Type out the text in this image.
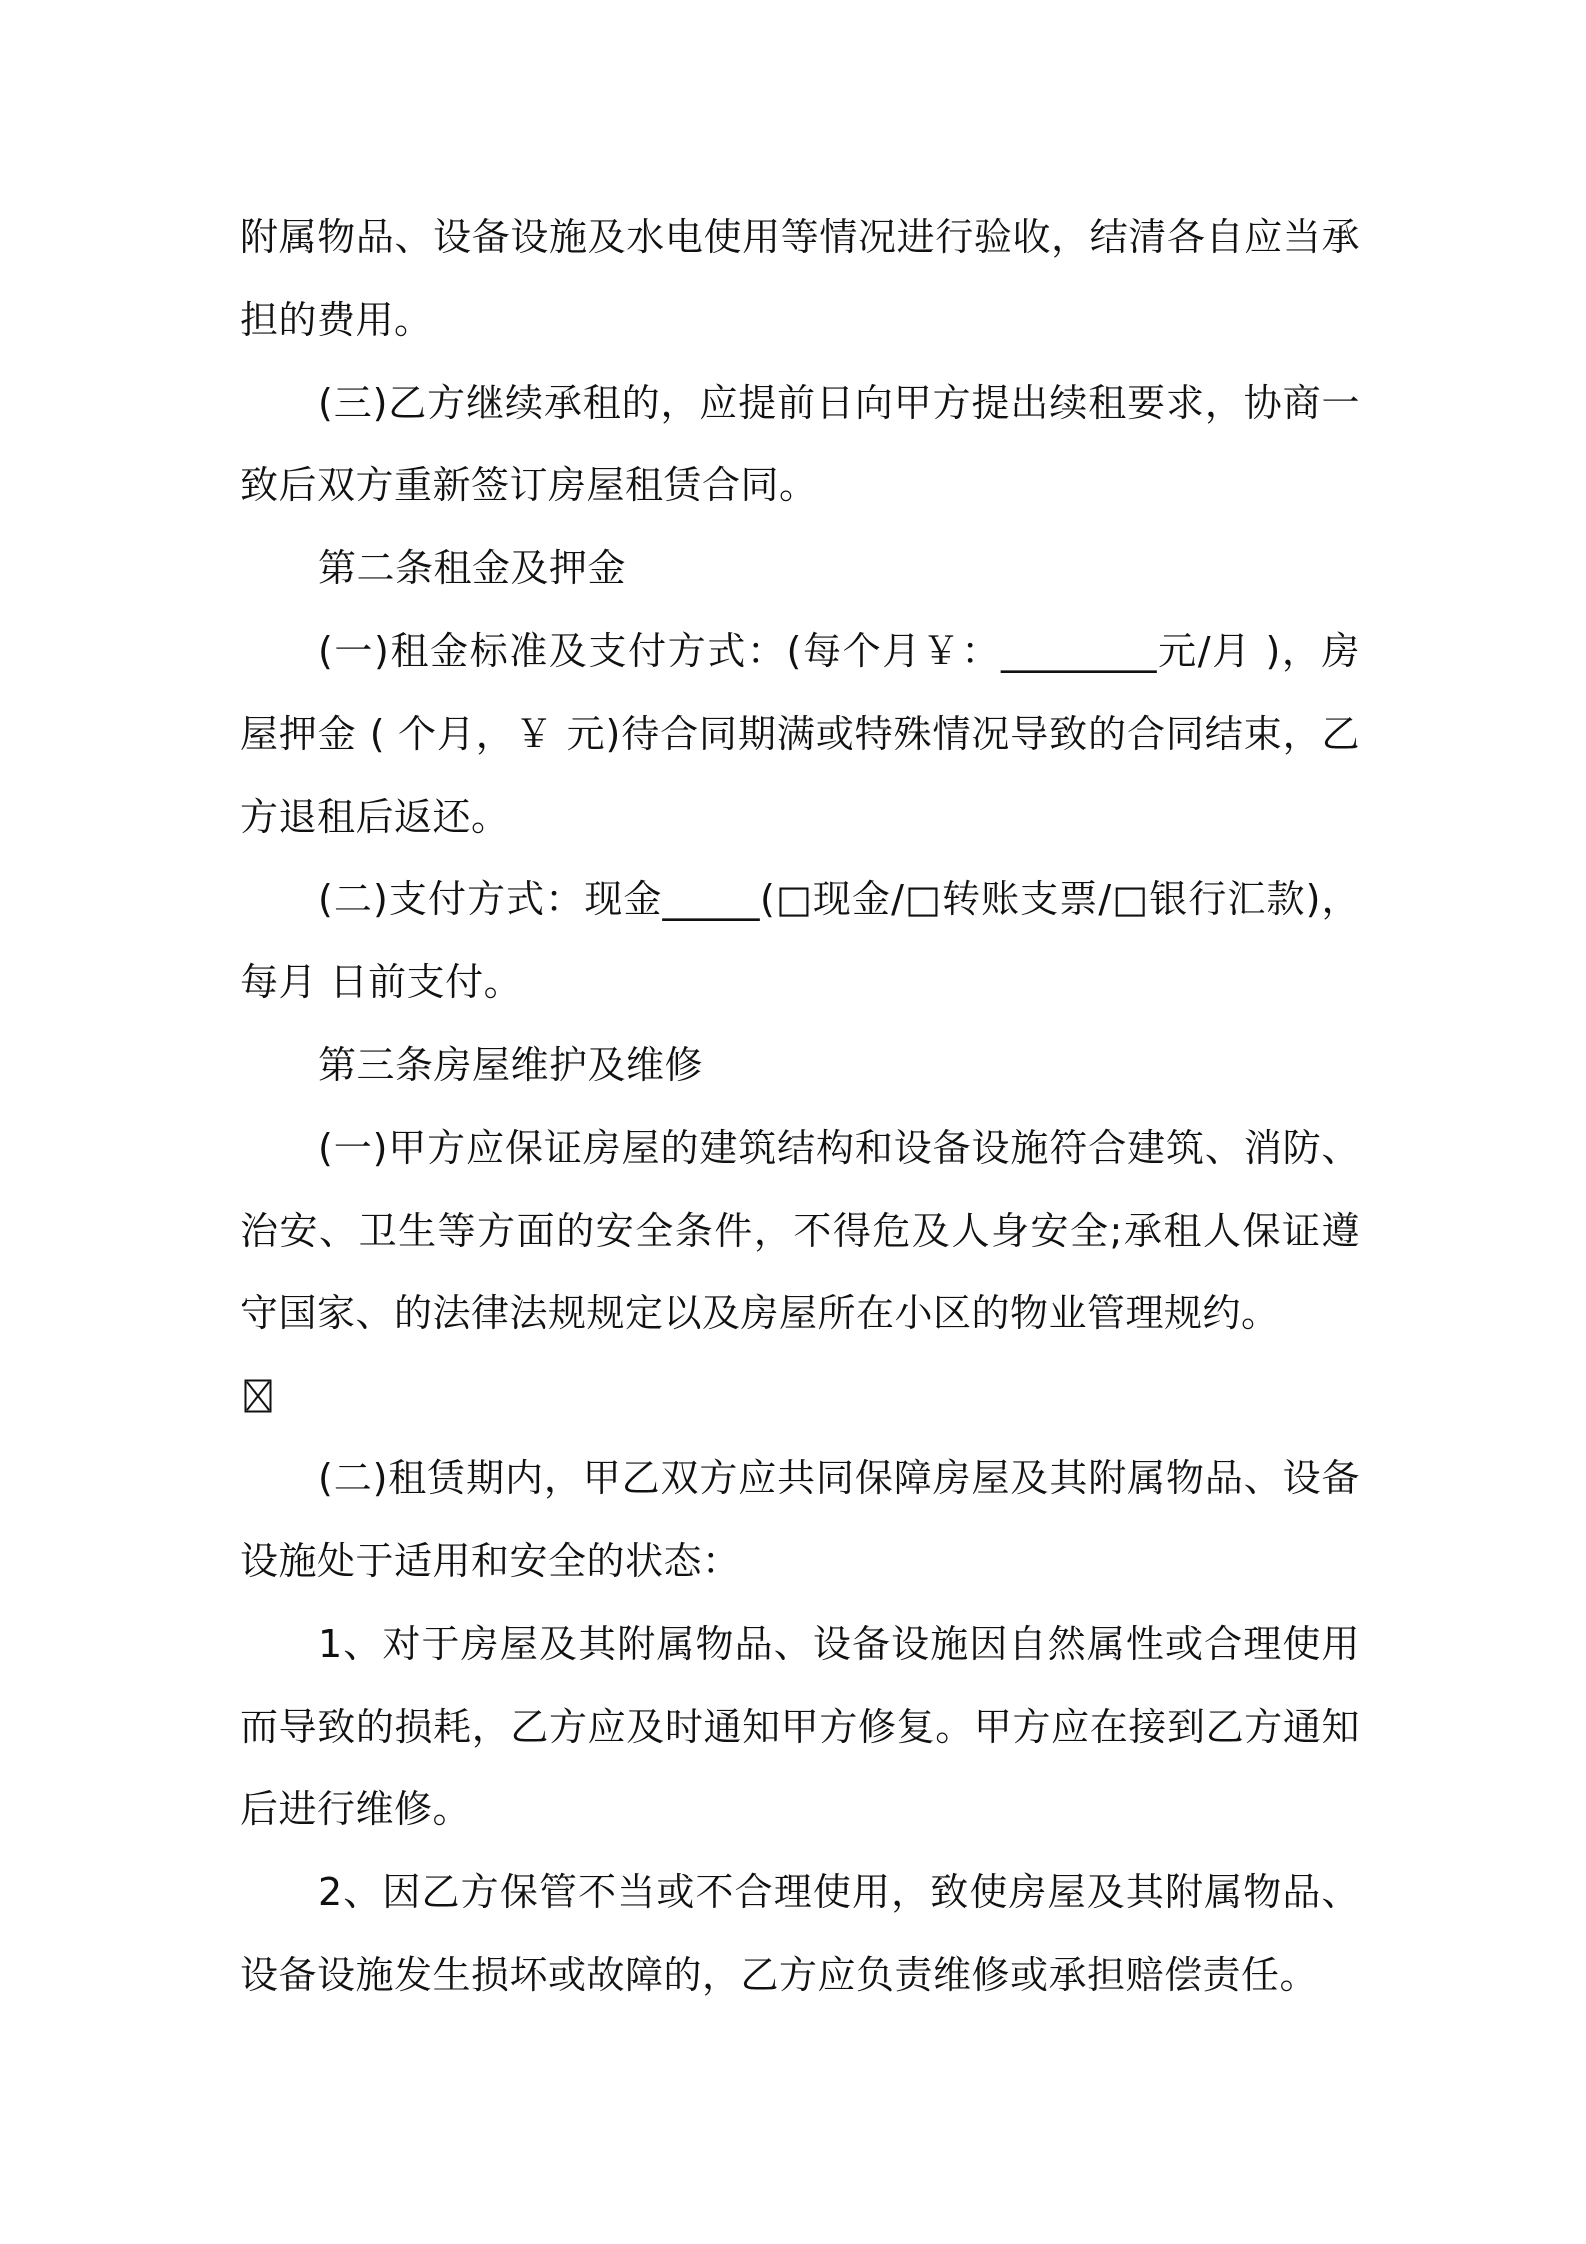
附属物品、设备设施及水电使用等情况进行验收，结清各自应当承担的费用。

(三)乙方继续承租的，应提前日向甲方提出续租要求，协商一致后双方重新签订房屋租赁合同。

第二条租金及押金

(一)租金标准及支付方式：(每个月￥：________元/月 )，房屋押金 ( 个月，￥ 元)待合同期满或特殊情况导致的合同结束，乙方退租后返还。

(二)支付方式：现金_____(□现金/□转账支票/□银行汇款)，每月 日前支付。

第三条房屋维护及维修

(一)甲方应保证房屋的建筑结构和设备设施符合建筑、消防、治安、卫生等方面的安全条件，不得危及人身安全;承租人保证遵守国家、的法律法规规定以及房屋所在小区的物业管理规约。

(二)租赁期内，甲乙双方应共同保障房屋及其附属物品、设备设施处于适用和安全的状态：

1、对于房屋及其附属物品、设备设施因自然属性或合理使用而导致的损耗，乙方应及时通知甲方修复。甲方应在接到乙方通知后进行维修。

2、因乙方保管不当或不合理使用，致使房屋及其附属物品、设备设施发生损坏或故障的，乙方应负责维修或承担赔偿责任。
